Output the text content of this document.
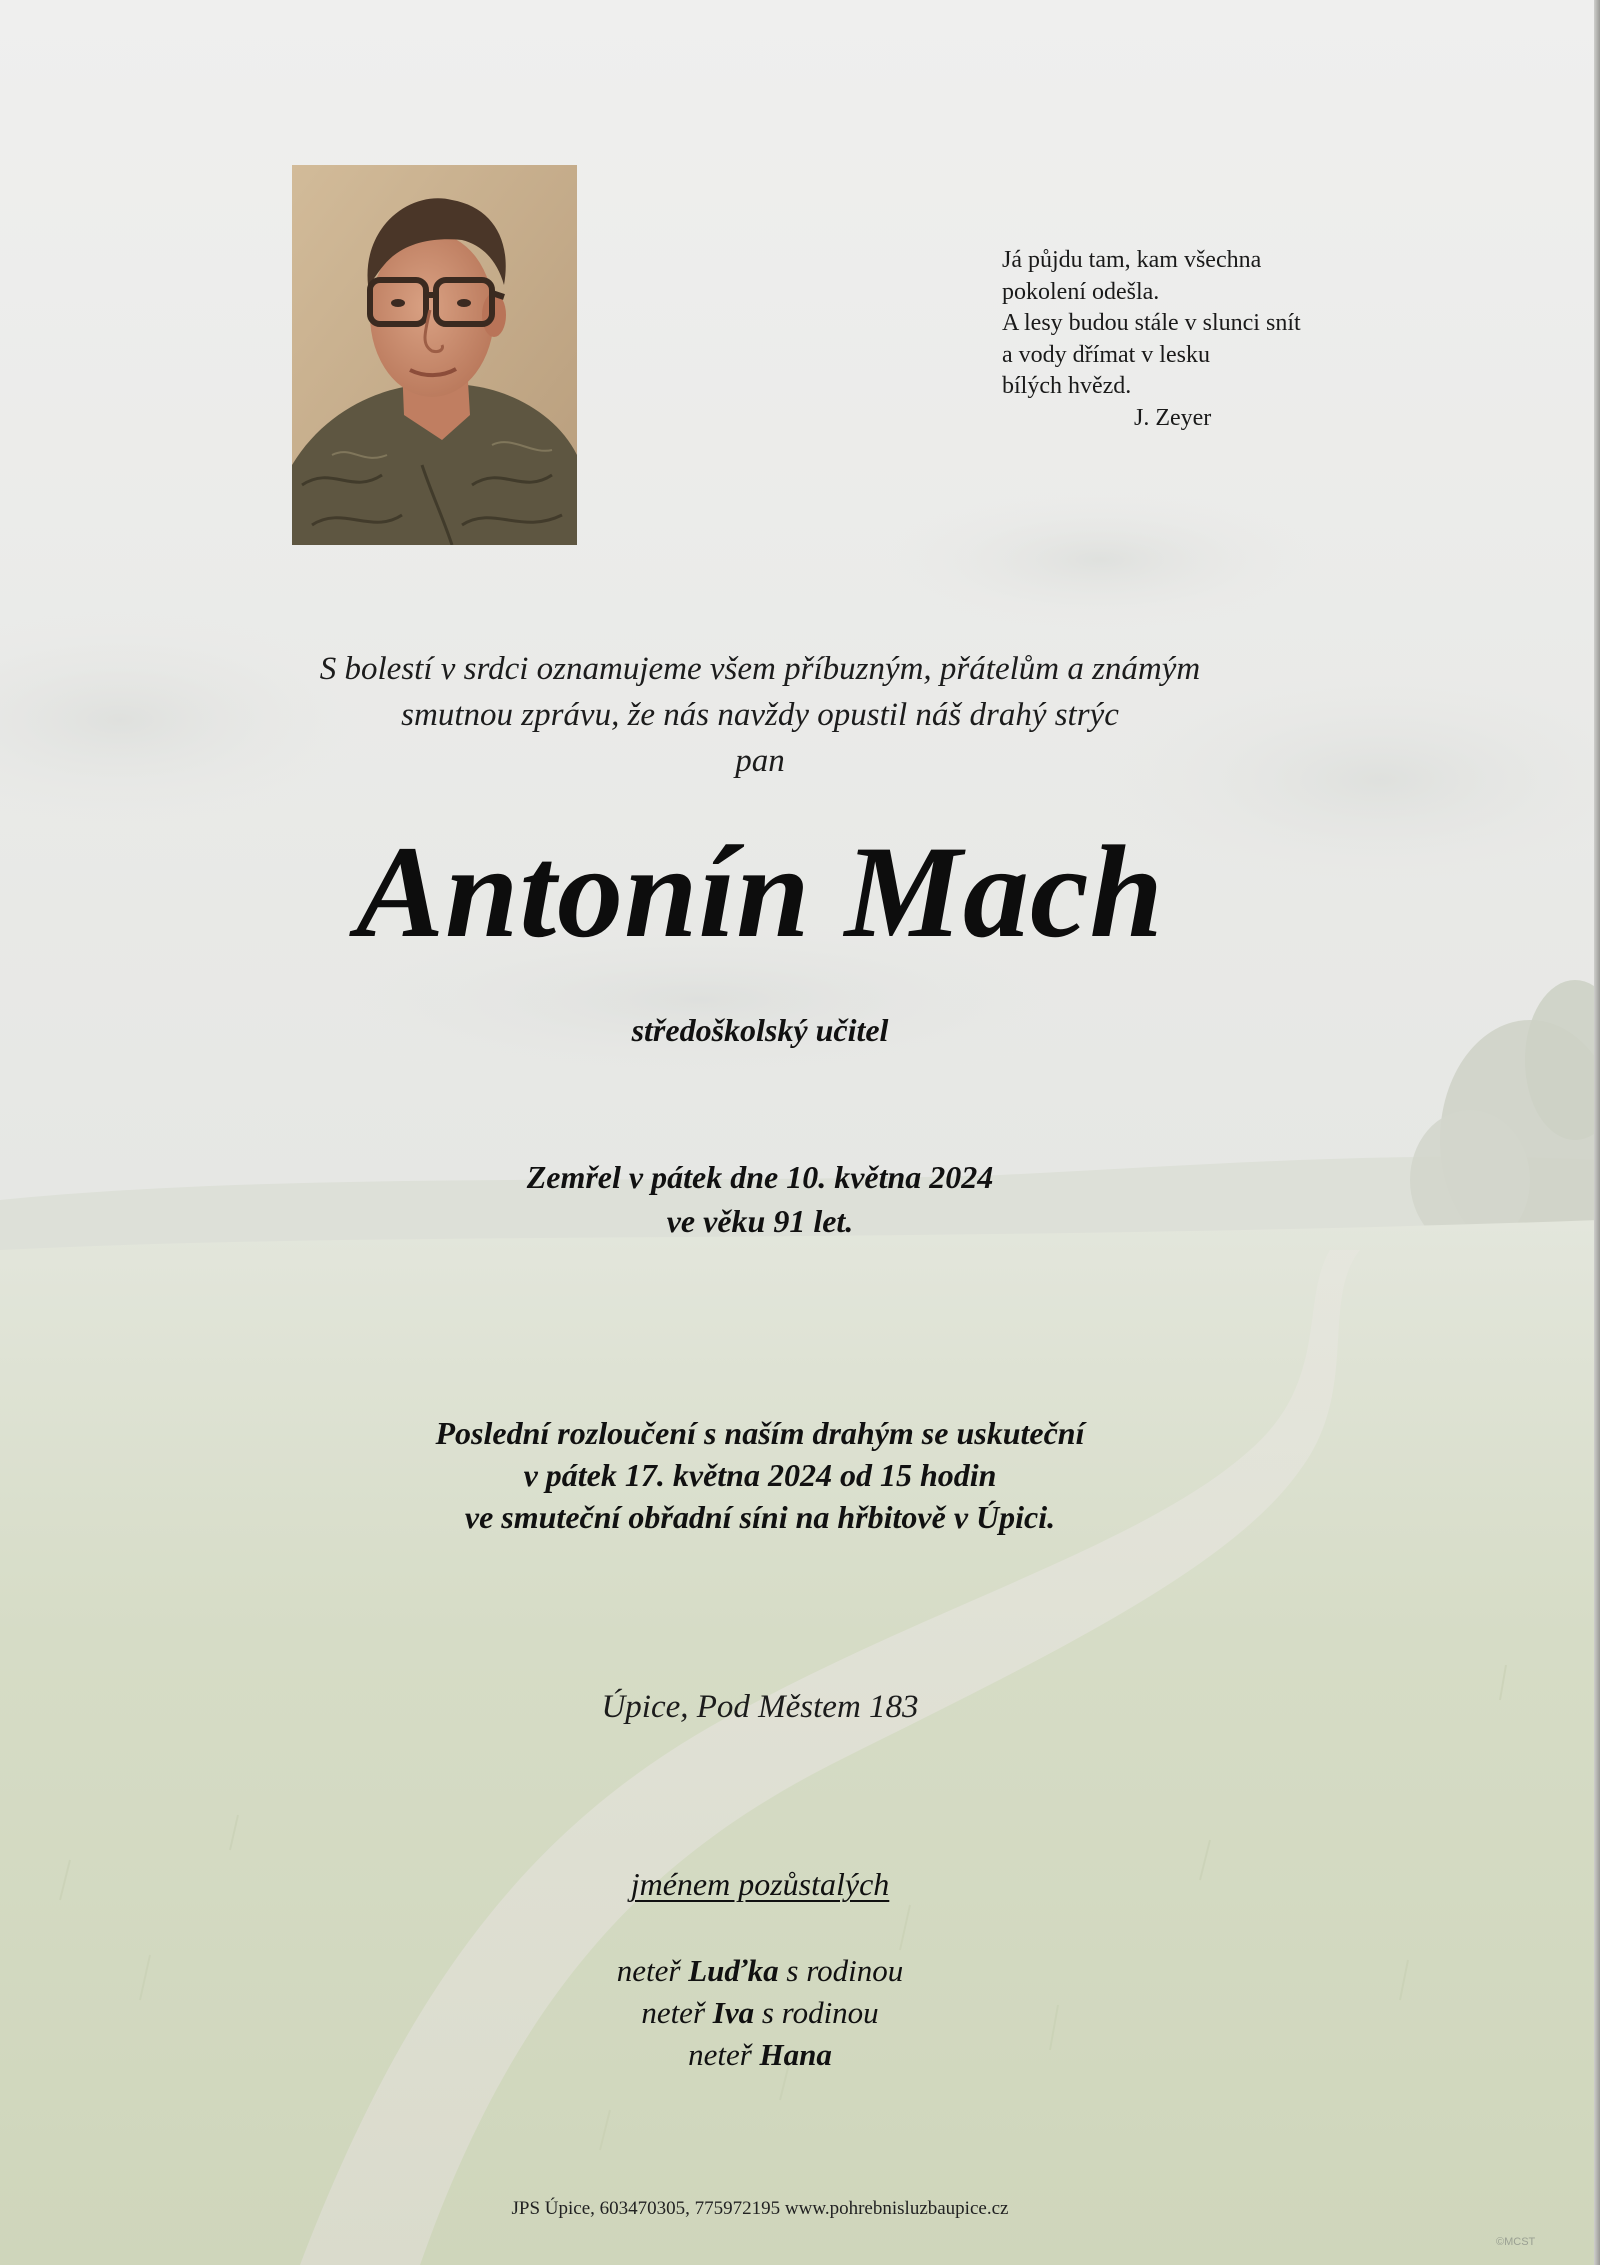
Já půjdu tam, kam všechna
pokolení odešla.
A lesy budou stále v slunci snít
a vody dřímat v lesku
bílých hvězd.
J. Zeyer
S bolestí v srdci oznamujeme všem příbuzným, přátelům a známým
smutnou zprávu, že nás navždy opustil náš drahý strýc
pan
Antonín Mach
středoškolský učitel
Zemřel v pátek dne 10. května 2024
ve věku 91 let.
Poslední rozloučení s naším drahým se uskuteční
v pátek 17. května 2024 od 15 hodin
ve smuteční obřadní síni na hřbitově v Úpici.
Úpice, Pod Městem 183
jménem pozůstalých
neteř Luďka s rodinou
neteř Iva s rodinou
neteř Hana
JPS Úpice, 603470305, 775972195 www.pohrebnisluzbaupice.cz
©MCST
